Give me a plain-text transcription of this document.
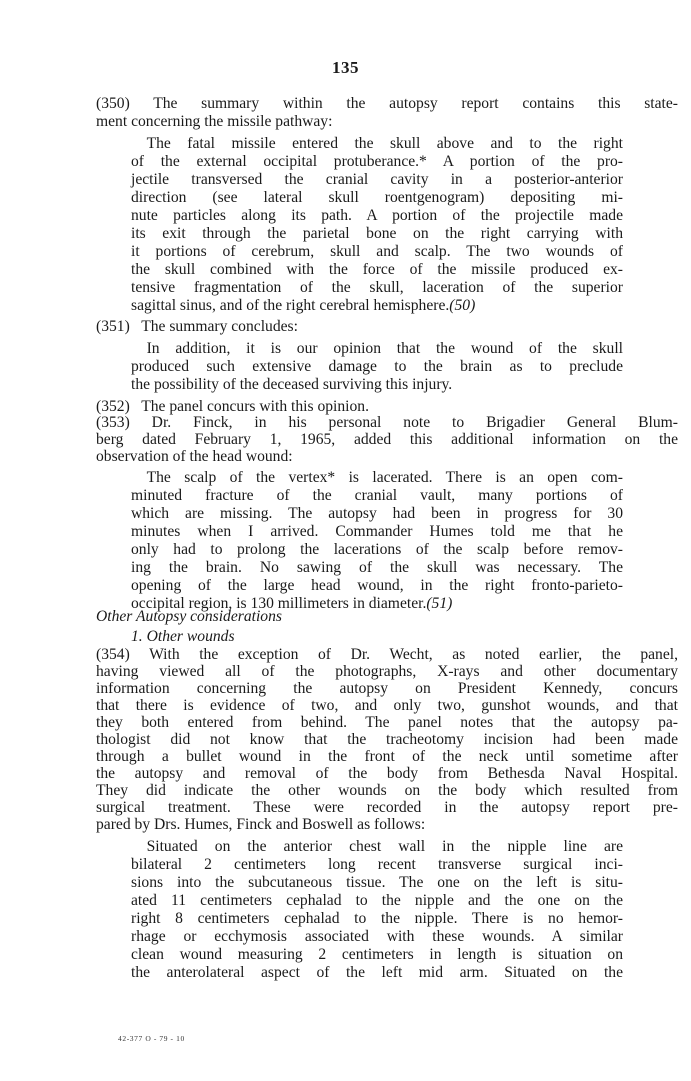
135
(350) The summary within the autopsy report contains this state-
ment concerning the missile pathway:
 The fatal missile entered the skull above and to the right
of the external occipital protuberance.* A portion of the pro-
jectile transversed the cranial cavity in a posterior-anterior
direction (see lateral skull roentgenogram) depositing mi-
nute particles along its path. A portion of the projectile made
its exit through the parietal bone on the right carrying with
it portions of cerebrum, skull and scalp. The two wounds of
the skull combined with the force of the missile produced ex-
tensive fragmentation of the skull, laceration of the superior
sagittal sinus, and of the right cerebral hemisphere.(50)
(351)   The summary concludes:
 In addition, it is our opinion that the wound of the skull
produced such extensive damage to the brain as to preclude
the possibility of the deceased surviving this injury.
(352)   The panel concurs with this opinion.
(353) Dr. Finck, in his personal note to Brigadier General Blum-
berg dated February 1, 1965, added this additional information on the
observation of the head wound:
 The scalp of the vertex* is lacerated. There is an open com-
minuted fracture of the cranial vault, many portions of
which are missing. The autopsy had been in progress for 30
minutes when I arrived. Commander Humes told me that he
only had to prolong the lacerations of the scalp before remov-
ing the brain. No sawing of the skull was necessary. The
opening of the large head wound, in the right fronto-parieto-
occipital region, is 130 millimeters in diameter.(51)
Other Autopsy considerations
1. Other wounds
(354) With the exception of Dr. Wecht, as noted earlier, the panel,
having viewed all of the photographs, X-rays and other documentary
information concerning the autopsy on President Kennedy, concurs
that there is evidence of two, and only two, gunshot wounds, and that
they both entered from behind. The panel notes that the autopsy pa-
thologist did not know that the tracheotomy incision had been made
through a bullet wound in the front of the neck until sometime after
the autopsy and removal of the body from Bethesda Naval Hospital.
They did indicate the other wounds on the body which resulted from
surgical treatment. These were recorded in the autopsy report pre-
pared by Drs. Humes, Finck and Boswell as follows:
 Situated on the anterior chest wall in the nipple line are
bilateral 2 centimeters long recent transverse surgical inci-
sions into the subcutaneous tissue. The one on the left is situ-
ated 11 centimeters cephalad to the nipple and the one on the
right 8 centimeters cephalad to the nipple. There is no hemor-
rhage or ecchymosis associated with these wounds. A similar
clean wound measuring 2 centimeters in length is situation on
the anterolateral aspect of the left mid arm. Situated on the
42-377 O - 79 - 10
